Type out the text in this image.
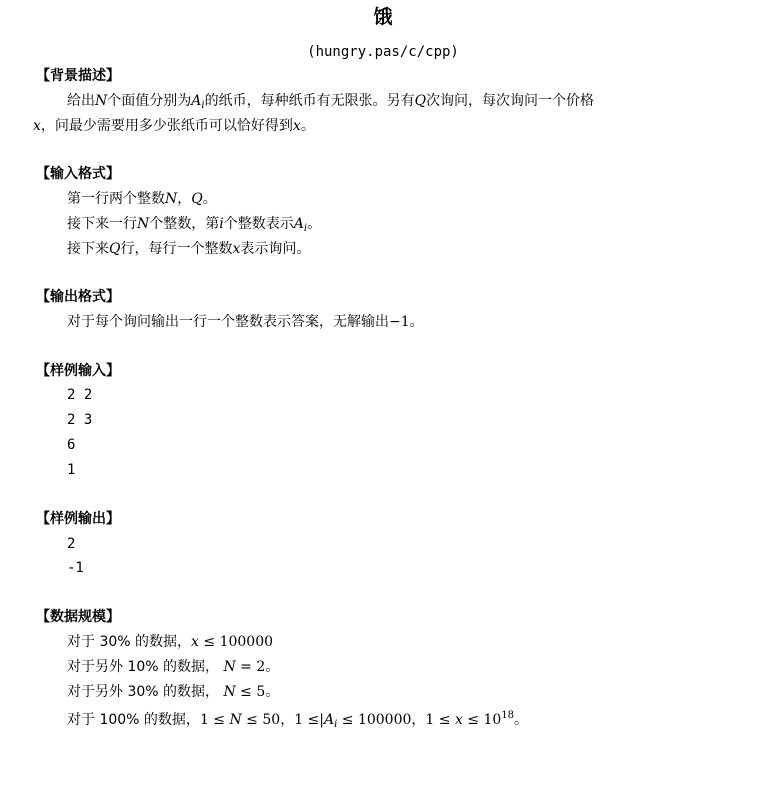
饿
(hungry.pas/c/cpp)
【背景描述】
给出N个面值分别为$A_i$的纸币，每种纸币有无限张。另有Q次询问，每次询问一个价格
x，问最少需要用多少张纸币可以恰好得到x。
【输入格式】
第一行两个整数N，Q。
接下来一行N个整数，第i个整数表示$A_i$。
接下来Q行，每行一个整数x表示询问。
【输出格式】
对于每个询问输出一行一个整数表示答案，无解输出−1。
【样例输入】
2 2
2 3
6
1
【样例输出】
2
-1
【数据规模】
对于 30% 的数据，x ≤ 100000
对于另外 10% 的数据， N = 2。
对于另外 30% 的数据， N ≤ 5。
对于 100% 的数据，1 ≤ N ≤ 50，$1 \le|A_i \le 100000$，$1 \le x \le 10^{18}$。
